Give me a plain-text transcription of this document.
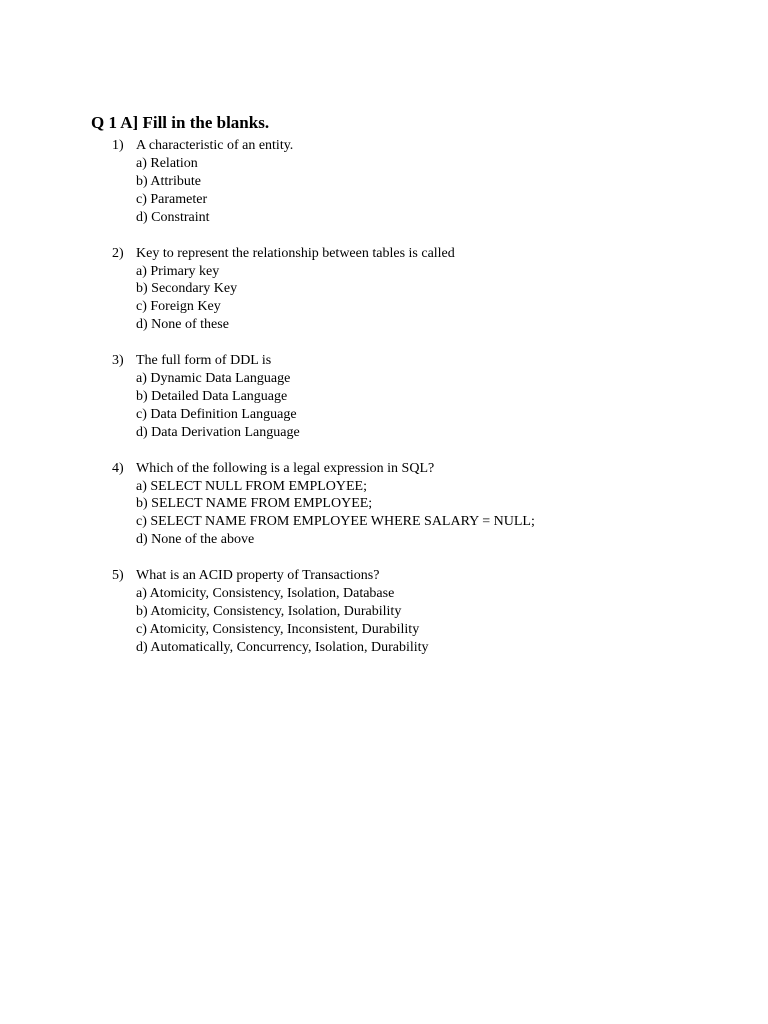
Q 1 A] Fill in the blanks.
1) A characteristic of an entity.
a) Relation
b) Attribute
c) Parameter
d) Constraint
2) Key to represent the relationship between tables is called
a) Primary key
b) Secondary Key
c) Foreign Key
d) None of these
3) The full form of DDL is
a) Dynamic Data Language
b) Detailed Data Language
c) Data Definition Language
d) Data Derivation Language
4) Which of the following is a legal expression in SQL?
a) SELECT NULL FROM EMPLOYEE;
b) SELECT NAME FROM EMPLOYEE;
c) SELECT NAME FROM EMPLOYEE WHERE SALARY = NULL;
d) None of the above
5) What is an ACID property of Transactions?
a) Atomicity, Consistency, Isolation, Database
b) Atomicity, Consistency, Isolation, Durability
c) Atomicity, Consistency, Inconsistent, Durability
d) Automatically, Concurrency, Isolation, Durability
